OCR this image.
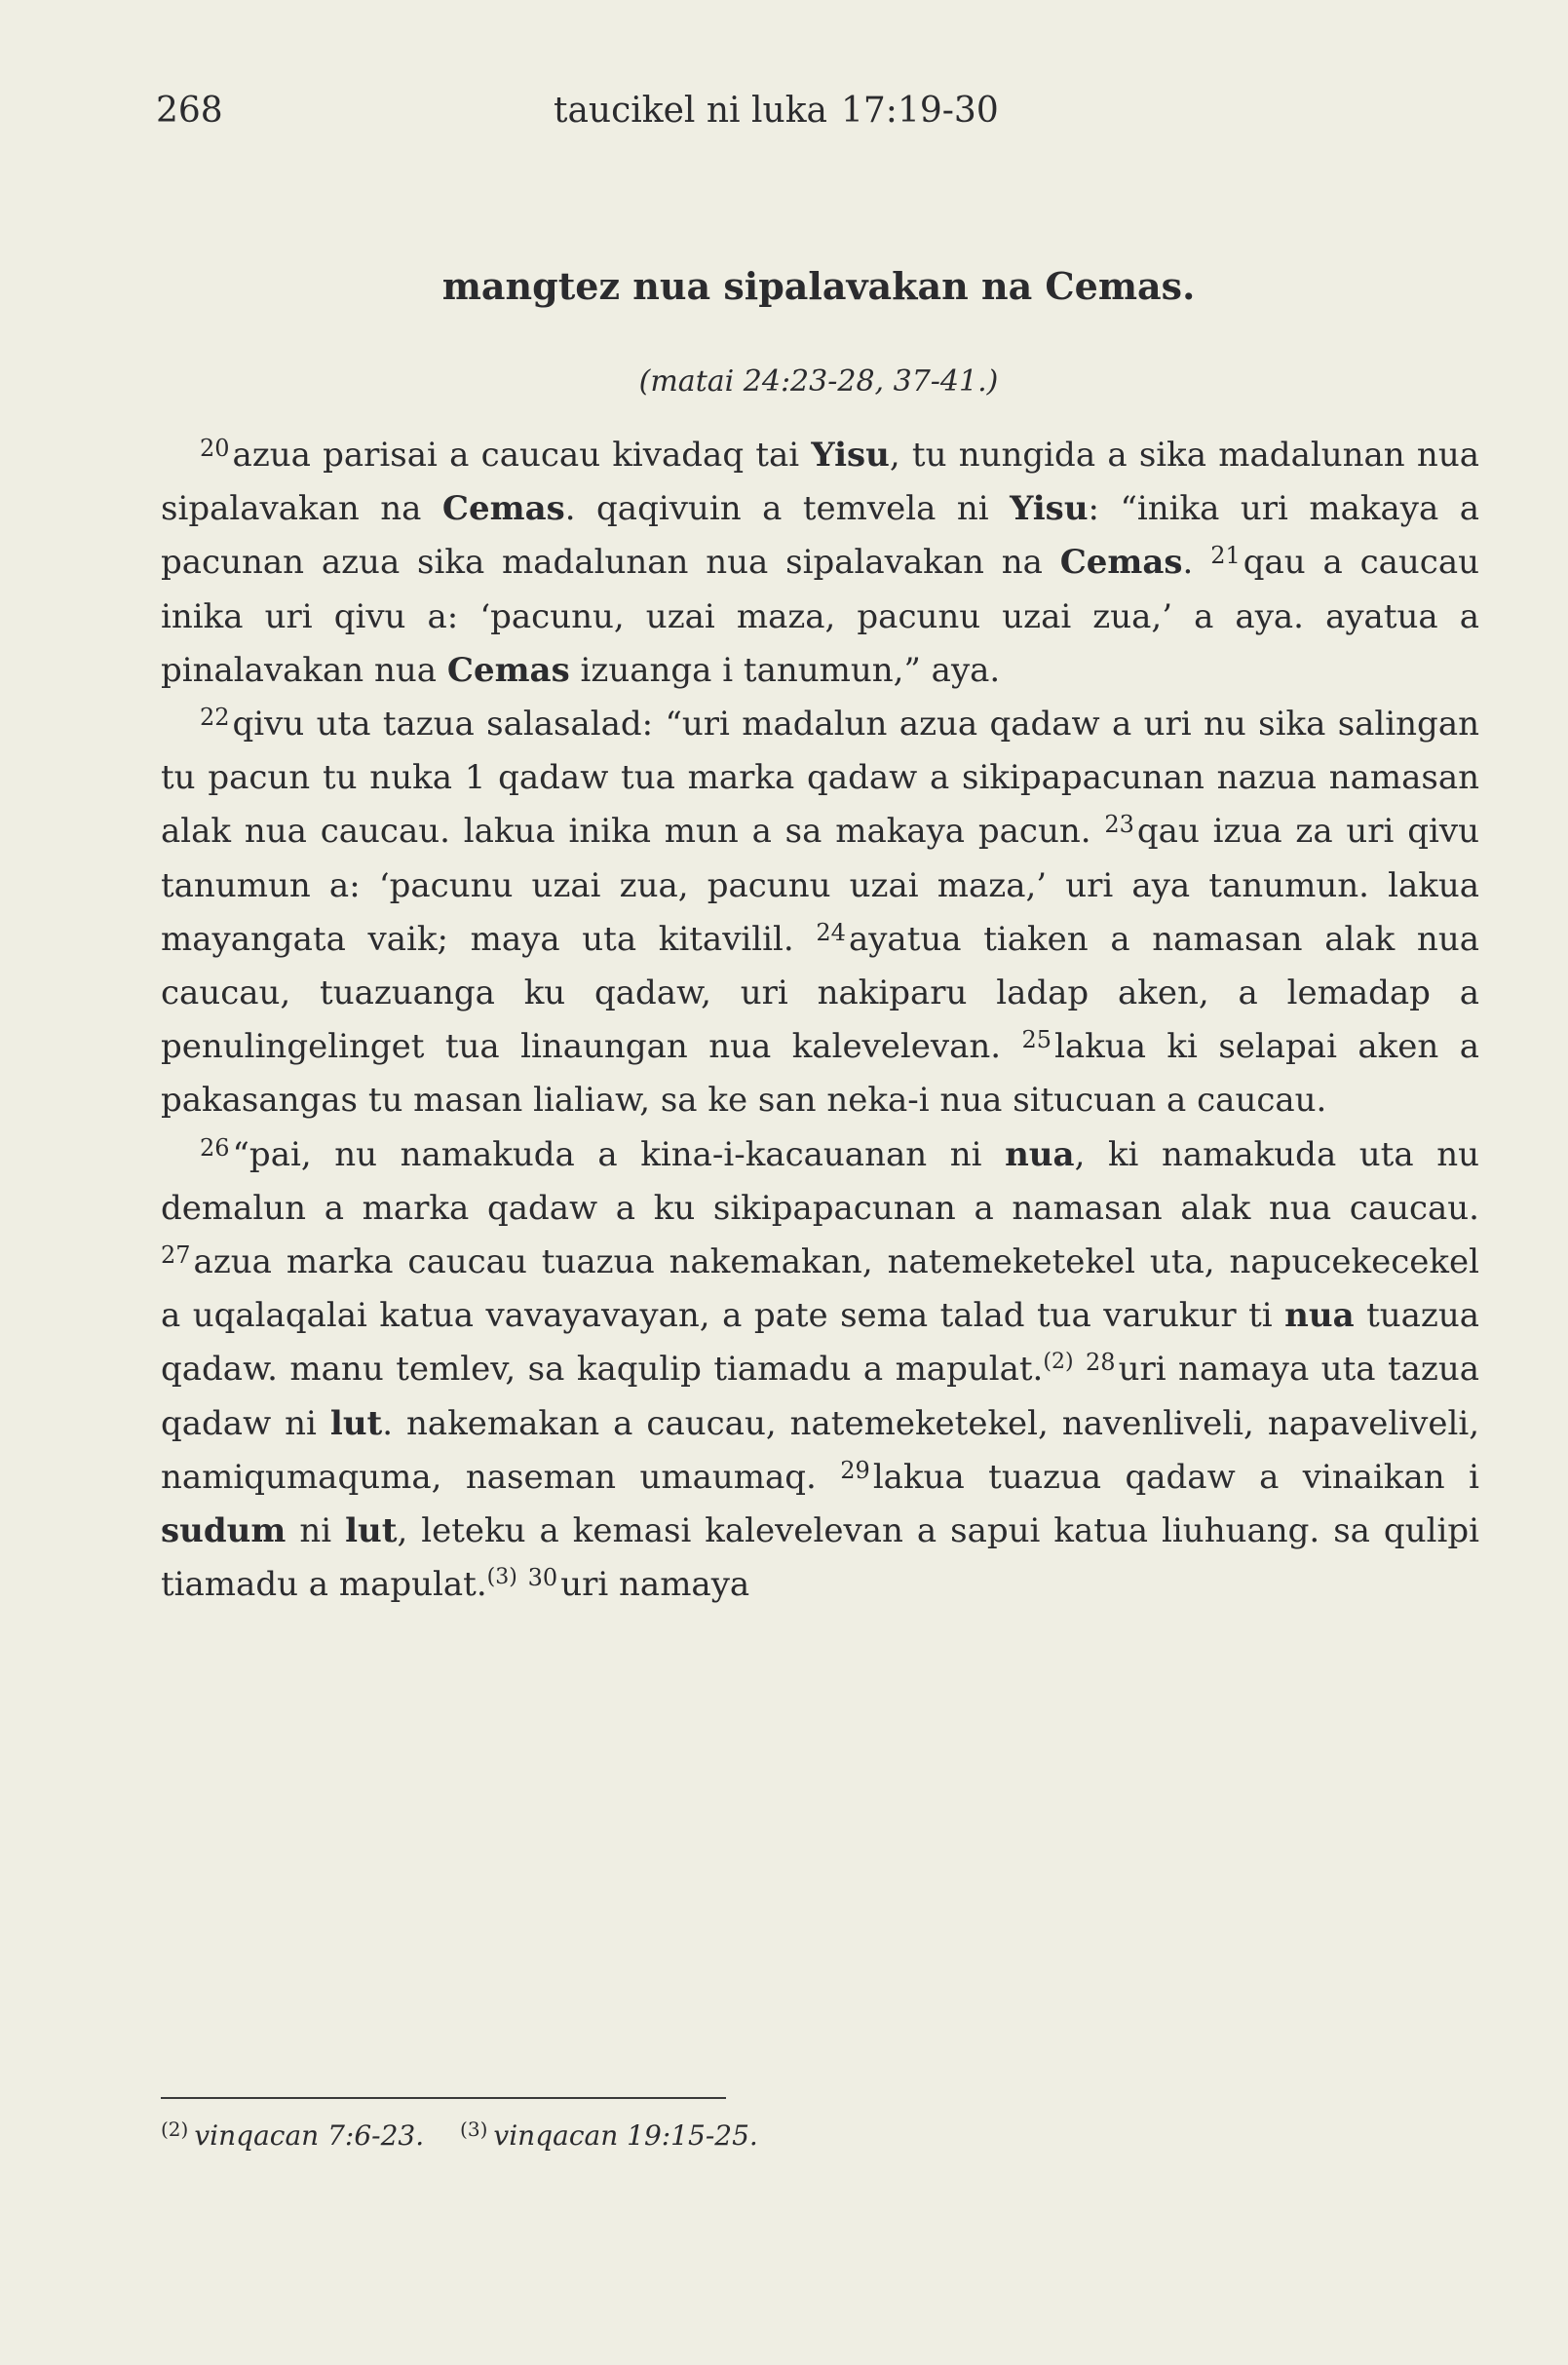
268	taucikel ni luka 17:19-30
mangtez nua sipalavakan na Cemas.
(matai 24:23-28, 37-41.)

$^{20}$azua parisai a caucau kivadaq tai Yisu, tu nungida a sika madalunan nua sipalavakan na Cemas. qaqivuin a temvela ni Yisu: “inika uri makaya a pacunan azua sika madalunan nua sipalavakan na Cemas. $^{21}$qau a caucau inika uri qivu a: ‘pacunu, uzai maza, pacunu uzai zua,’ a aya. ayatua a pinalavakan nua Cemas izuanga i tanumun,” aya.

$^{22}$qivu uta tazua salasalad: “uri madalun azua qadaw a uri nu sika salingan tu pacun tu nuka 1 qadaw tua marka qadaw a sikipapacunan nazua namasan alak nua caucau. lakua inika mun a sa makaya pacun. $^{23}$qau izua za uri qivu tanumun a: ‘pacunu uzai zua, pacunu uzai maza,’ uri aya tanumun. lakua mayangata vaik; maya uta kitavilil. $^{24}$ayatua tiaken a namasan alak nua caucau, tuazuanga ku qadaw, uri nakiparu ladap aken, a lemadap a penulingelinget tua linaungan nua kalevelevan. $^{25}$lakua ki selapai aken a pakasangas tu masan lialiaw, sa ke san neka-i nua situcuan a caucau.

$^{26}$“pai, nu namakuda a kina-i-kacauanan ni nua, ki namakuda uta nu demalun a marka qadaw a ku sikipapacunan a namasan alak nua caucau. $^{27}$azua marka caucau tuazua nakemakan, natemeketekel uta, napucekecekel a uqalaqalai katua vavayavayan, a pate sema talad tua varukur ti nua tuazua qadaw. manu temlev, sa kaqulip tiamadu a mapulat.$^{(2)}$ $^{28}$uri namaya uta tazua qadaw ni lut. nakemakan a caucau, natemeketekel, navenliveli, napaveliveli, namiqumaquma, naseman umaumaq. $^{29}$lakua tuazua qadaw a vinaikan i sudum ni lut, leteku a kemasi kalevelevan a sapui katua liuhuang. sa qulipi tiamadu a mapulat.$^{(3)}$ $^{30}$uri namaya

$^{(2)}$ vinqacan 7:6-23. $^{(3)}$ vinqacan 19:15-25.
